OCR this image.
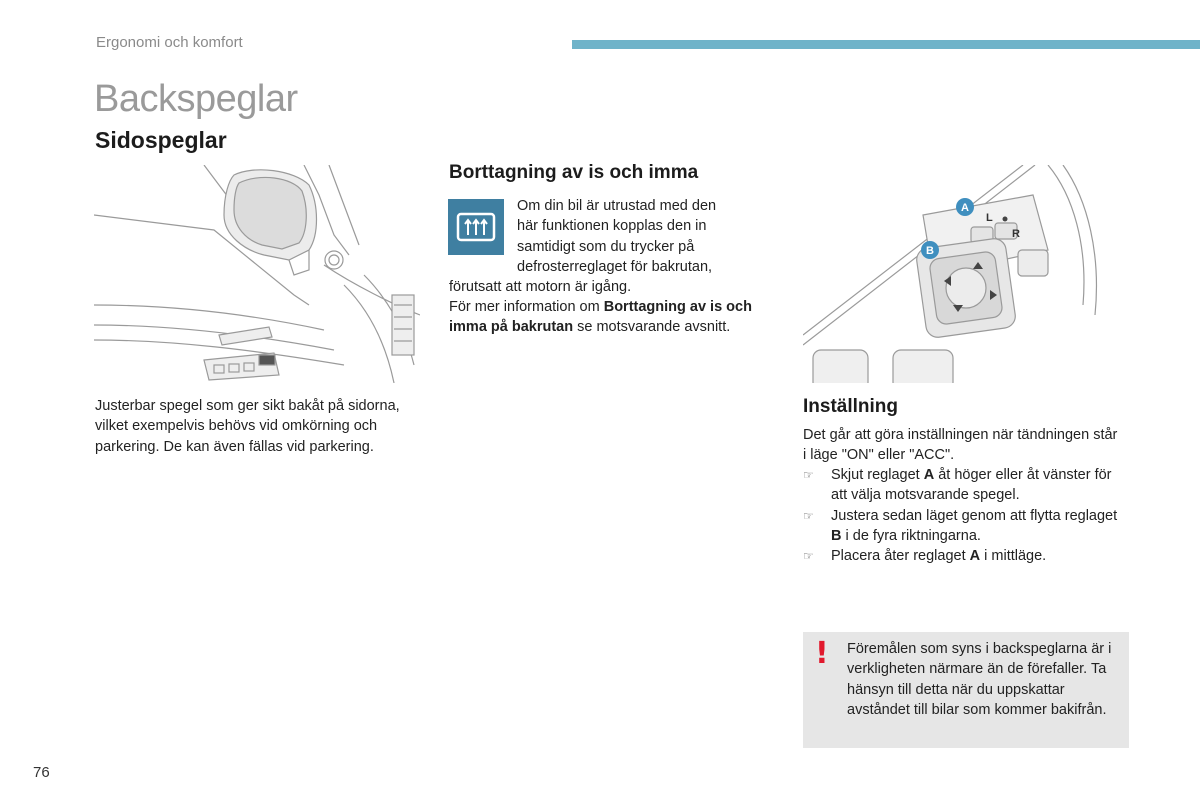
Ergonomi och komfort
Backspeglar
Sidospeglar
Justerbar spegel som ger sikt bakåt på sidorna, vilket exempelvis behövs vid omkörning och parkering. De kan även fällas vid parkering.
Borttagning av is och imma
Om din bil är utrustad med den här funktionen kopplas den in samtidigt som du trycker på defrosterreglaget för bakrutan,
förutsatt att motorn är igång.
För mer information om Borttagning av is och imma på bakrutan se motsvarande avsnitt.
A
B
L
R
Inställning
Det går att göra inställningen när tändningen står i läge "ON" eller "ACC".
☞ Skjut reglaget A åt höger eller åt vänster för att välja motsvarande spegel.
☞ Justera sedan läget genom att flytta reglaget B i de fyra riktningarna.
☞ Placera åter reglaget A i mittläge.
! Föremålen som syns i backspeglarna är i verkligheten närmare än de förefaller. Ta hänsyn till detta när du uppskattar avståndet till bilar som kommer bakifrån.
76
